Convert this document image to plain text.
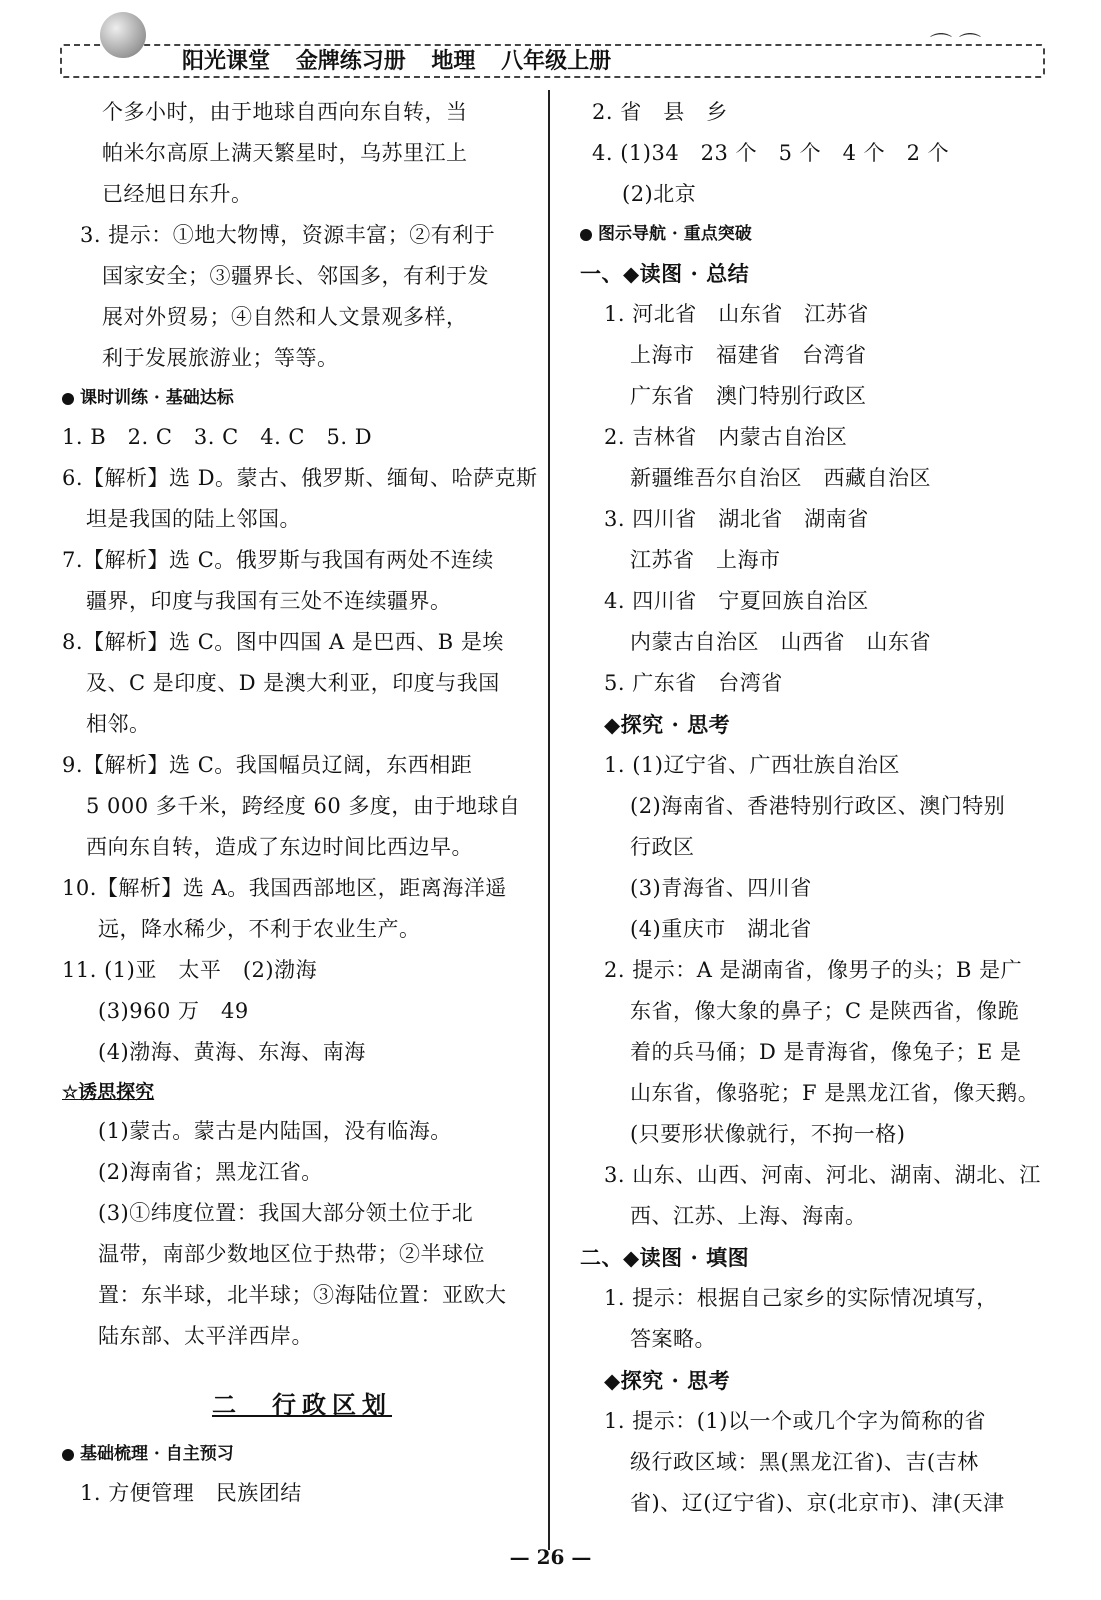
阳光课堂 金牌练习册 地理 八年级上册
⌒ ⌒
个多小时，由于地球自西向东自转，当
帕米尔高原上满天繁星时，乌苏里江上
已经旭日东升。
3. 提示：①地大物博，资源丰富；②有利于
国家安全；③疆界长、邻国多，有利于发
展对外贸易；④自然和人文景观多样，
利于发展旅游业；等等。
课时训练 · 基础达标
1. B　2. C　3. C　4. C　5. D
6.【解析】选 D。蒙古、俄罗斯、缅甸、哈萨克斯
坦是我国的陆上邻国。
7.【解析】选 C。俄罗斯与我国有两处不连续
疆界，印度与我国有三处不连续疆界。
8.【解析】选 C。图中四国 A 是巴西、B 是埃
及、C 是印度、D 是澳大利亚，印度与我国
相邻。
9.【解析】选 C。我国幅员辽阔，东西相距
5 000 多千米，跨经度 60 多度，由于地球自
西向东自转，造成了东边时间比西边早。
10.【解析】选 A。我国西部地区，距离海洋遥
远，降水稀少，不利于农业生产。
11. (1)亚　太平　(2)渤海
(3)960 万　49
(4)渤海、黄海、东海、南海
☆诱思探究
(1)蒙古。蒙古是内陆国，没有临海。
(2)海南省；黑龙江省。
(3)①纬度位置：我国大部分领土位于北
温带，南部少数地区位于热带；②半球位
置：东半球，北半球；③海陆位置：亚欧大
陆东部、太平洋西岸。
二　行政区划
基础梳理 · 自主预习
1. 方便管理　民族团结
2. 省　县　乡
4. (1)34　23 个　5 个　4 个　2 个
(2)北京
图示导航 · 重点突破
一、◆读图 · 总结
1. 河北省　山东省　江苏省
上海市　福建省　台湾省
广东省　澳门特别行政区
2. 吉林省　内蒙古自治区
新疆维吾尔自治区　西藏自治区
3. 四川省　湖北省　湖南省
江苏省　上海市
4. 四川省　宁夏回族自治区
内蒙古自治区　山西省　山东省
5. 广东省　台湾省
◆探究 · 思考
1. (1)辽宁省、广西壮族自治区
(2)海南省、香港特别行政区、澳门特别
行政区
(3)青海省、四川省
(4)重庆市　湖北省
2. 提示：A 是湖南省，像男子的头；B 是广
东省，像大象的鼻子；C 是陕西省，像跪
着的兵马俑；D 是青海省，像兔子；E 是
山东省，像骆驼；F 是黑龙江省，像天鹅。
(只要形状像就行，不拘一格)
3. 山东、山西、河南、河北、湖南、湖北、江
西、江苏、上海、海南。
二、◆读图 · 填图
1. 提示：根据自己家乡的实际情况填写，
答案略。
◆探究 · 思考
1. 提示：(1)以一个或几个字为简称的省
级行政区域：黑(黑龙江省)、吉(吉林
省)、辽(辽宁省)、京(北京市)、津(天津
— 26 —
